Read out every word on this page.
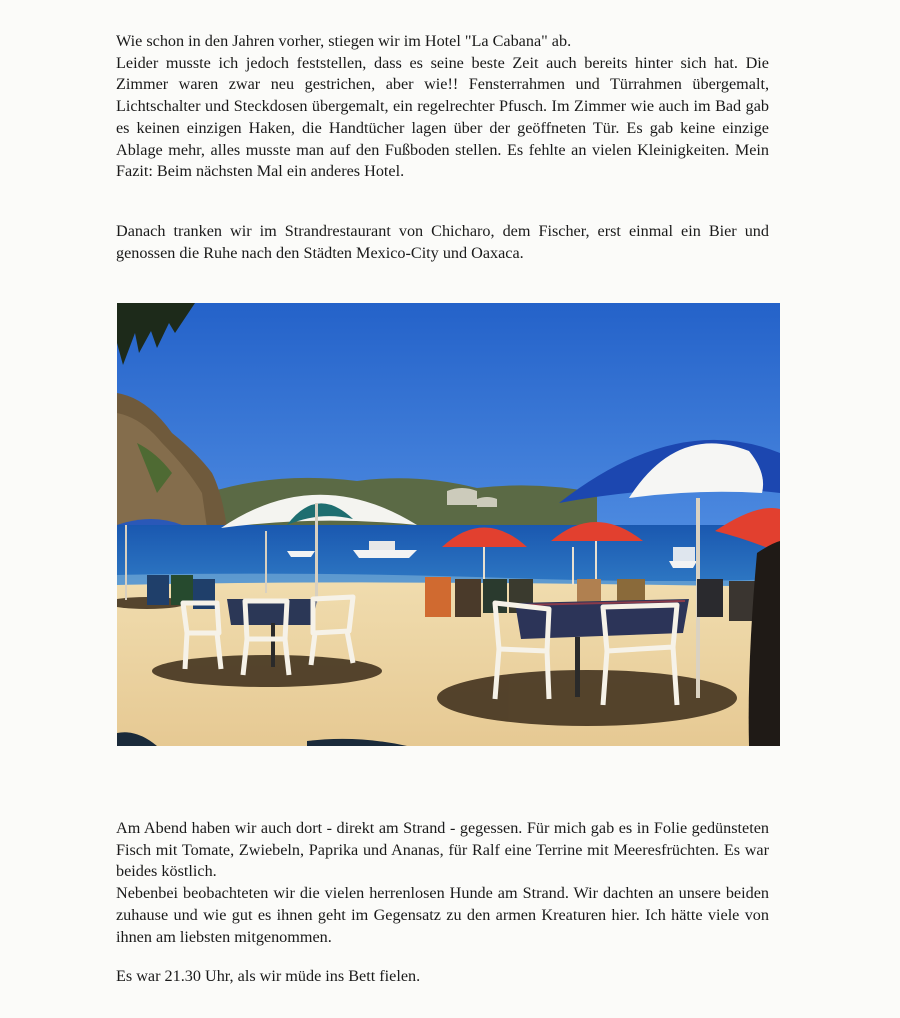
Wie schon in den Jahren vorher, stiegen wir im Hotel "La Cabana" ab.

Leider musste ich jedoch feststellen, dass es seine beste Zeit auch bereits hinter sich hat. Die Zimmer waren zwar neu gestrichen, aber wie!! Fensterrahmen und Türrahmen übergemalt, Lichtschalter und Steckdosen übergemalt, ein regelrechter Pfusch. Im Zimmer wie auch im Bad gab es keinen einzigen Haken, die Handtücher lagen über der geöffneten Tür. Es gab keine einzige Ablage mehr, alles musste man auf den Fußboden stellen. Es fehlte an vielen Kleinigkeiten. Mein Fazit: Beim nächsten Mal ein anderes Hotel.

Danach tranken wir im Strandrestaurant von Chicharo, dem Fischer, erst einmal ein Bier und genossen die Ruhe nach den Städten Mexico-City und Oaxaca.

Am Abend haben wir auch dort - direkt am Strand - gegessen. Für mich gab es in Folie gedünsteten Fisch mit Tomate, Zwiebeln, Paprika und Ananas, für Ralf eine Terrine mit Meeresfrüchten. Es war beides köstlich.

Nebenbei beobachteten wir die vielen herrenlosen Hunde am Strand. Wir dachten an unsere beiden zuhause und wie gut es ihnen geht im Gegensatz zu den armen Kreaturen hier. Ich hätte viele von ihnen am liebsten mitgenommen.

Es war 21.30 Uhr, als wir müde ins Bett fielen.
